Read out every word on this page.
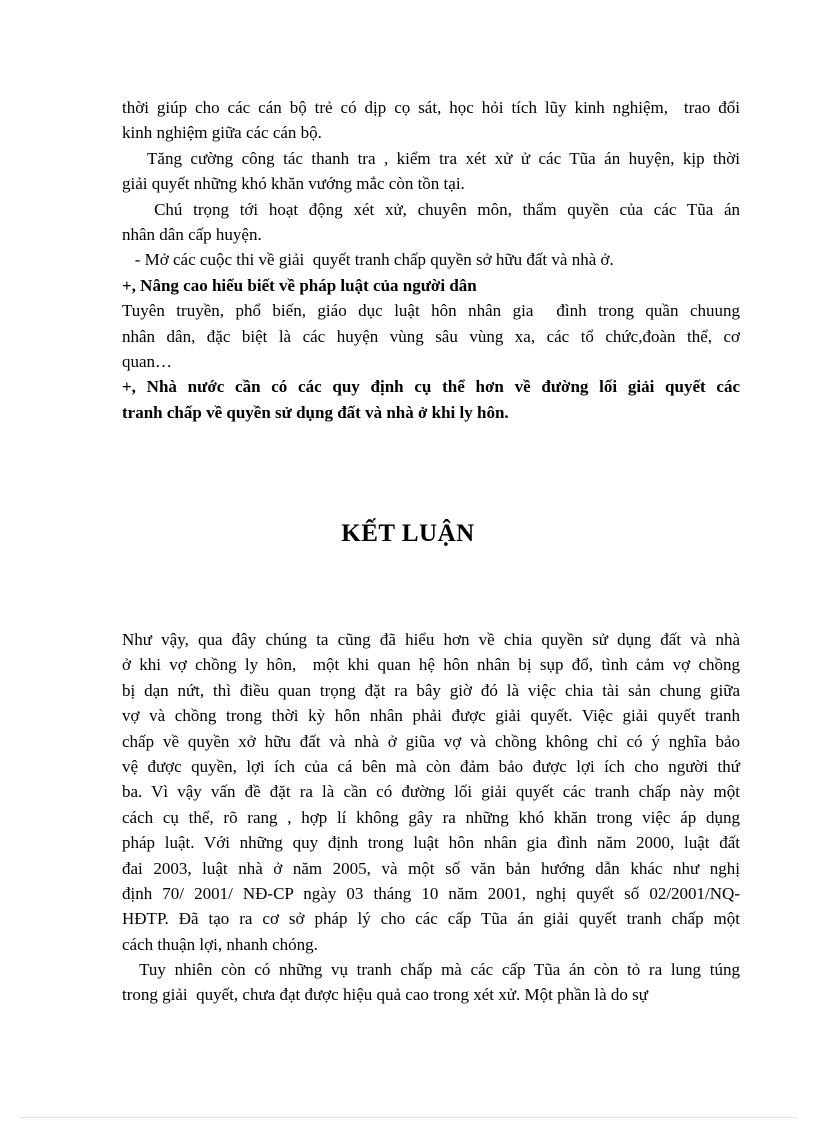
thời giúp cho các cán bộ trẻ có dịp cọ sát, học hỏi tích lũy kinh nghiệm,  trao đổi
kinh nghiệm giữa các cán bộ.
Tăng cường công tác thanh tra , kiểm tra xét xử ử các Tũa án huyện, kịp thời
giải quyết những khó khăn vướng mắc còn tồn tại.
Chú trọng tới hoạt động xét xử, chuyên môn, thẩm quyền của các Tũa án
nhân dân cấp huyện.
- Mở các cuộc thi về giải  quyết tranh chấp quyền sở hữu đất và nhà ở.
+, Nâng cao hiểu biết về pháp luật của người dân
Tuyên truyền, phổ biến, giáo dục luật hôn nhân gia  đình trong quần chuung
nhân dân, đặc biệt là các huyện vùng sâu vùng xa, các tổ chức,đoàn thể, cơ
quan…
+, Nhà nước cần có các quy định cụ thể hơn về đường lối giải quyết các
tranh chấp về quyền sử dụng đất và nhà ở khi ly hôn.
KẾT LUẬN
Như vậy, qua đây chúng ta cũng đã hiểu hơn về chia quyền sử dụng đất và nhà
ở khi vợ chồng ly hôn,  một khi quan hệ hôn nhân bị sụp đổ, tình cảm vợ chồng
bị dạn nứt, thì điều quan trọng đặt ra bây giờ đó là việc chia tài sản chung giữa
vợ và chồng trong thời kỳ hôn nhân phải được giải quyết. Việc giải quyết tranh
chấp về quyền xở hữu đất và nhà ở giũa vợ và chồng không chỉ có ý nghĩa bảo
vệ được quyền, lợi ích của cá bên mà còn đảm bảo được lợi ích cho người thứ
ba. Vì vậy vấn đề đặt ra là cần có đường lối giải quyết các tranh chấp này một
cách cụ thể, rõ rang , hợp lí không gây ra những khó khăn trong việc áp dụng
pháp luật. Với những quy định trong luật hôn nhân gia đình năm 2000, luật đất
đai 2003, luật nhà ở năm 2005, và một số văn bản hướng dẫn khác như nghị
định 70/ 2001/ NĐ-CP ngày 03 tháng 10 năm 2001, nghị quyết số 02/2001/NQ-
HĐTP. Đã tạo ra cơ sở pháp lý cho các cấp Tũa án giải quyết tranh chấp một
cách thuận lợi, nhanh chóng.
Tuy nhiên còn có những vụ tranh chấp mà các cấp Tũa án còn tỏ ra lung túng
trong giải  quyết, chưa đạt được hiệu quả cao trong xét xử. Một phần là do sự
